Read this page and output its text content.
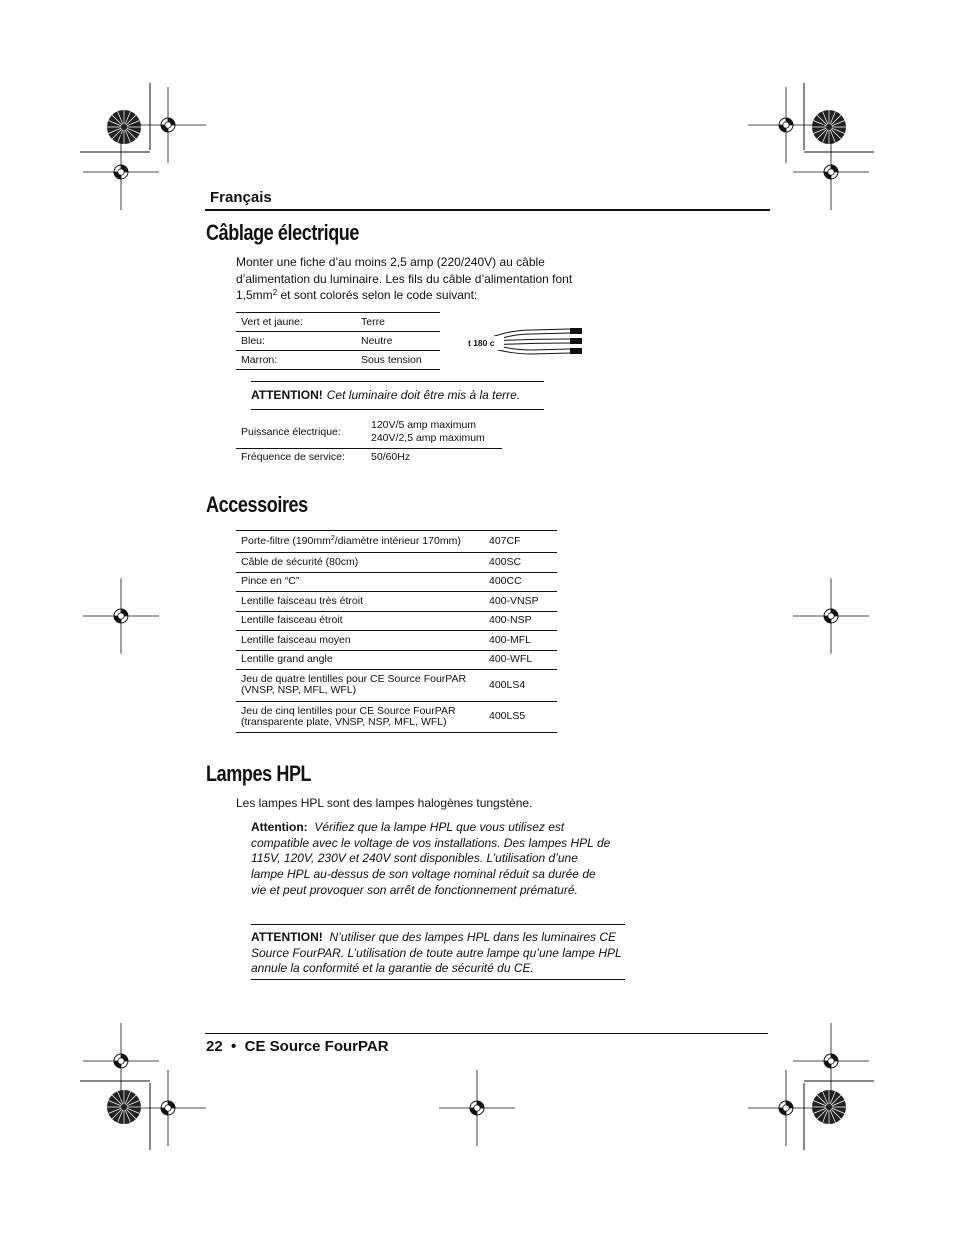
Français
Câblage électrique
Monter une fiche d’au moins 2,5 amp (220/240V) au câble d’alimentation du luminaire. Les fils du câble d’alimentation font $1,5mm^2$ et sont colorés selon le code suivant:
Vert et jaune:	Terre
Bleu:	Neutre
Marron:	Sous tension
t 180 c
ATTENTION! Cet luminaire doit être mis à la terre.
Puissance électrique:	120V/5 amp maximum
240V/2,5 amp maximum
Fréquence de service:	50/60Hz
Accessoires
Porte-filtre ($190mm^2$/diamètre intérieur 170mm)	407CF
Câble de sécurité (80cm)	400SC
Pince en “C”	400CC
Lentille faisceau très étroit	400-VNSP
Lentille faisceau étroit	400-NSP
Lentille faisceau moyen	400-MFL
Lentille grand angle	400-WFL
Jeu de quatre lentilles pour CE Source FourPAR
(VNSP, NSP, MFL, WFL)	400LS4
Jeu de cinq lentilles pour CE Source FourPAR
(transparente plate, VNSP, NSP, MFL, WFL)	400LS5
Lampes HPL
Les lampes HPL sont des lampes halogènes tungstène.
Attention: Vérifiez que la lampe HPL que vous utilisez est compatible avec le voltage de vos installations. Des lampes HPL de 115V, 120V, 230V et 240V sont disponibles. L’utilisation d’une lampe HPL au-dessus de son voltage nominal réduit sa durée de vie et peut provoquer son arrêt de fonctionnement prématuré.
ATTENTION! N’utiliser que des lampes HPL dans les luminaires CE Source FourPAR. L’utilisation de toute autre lampe qu’une lampe HPL annule la conformité et la garantie de sécurité du CE.
22 • CE Source FourPAR
